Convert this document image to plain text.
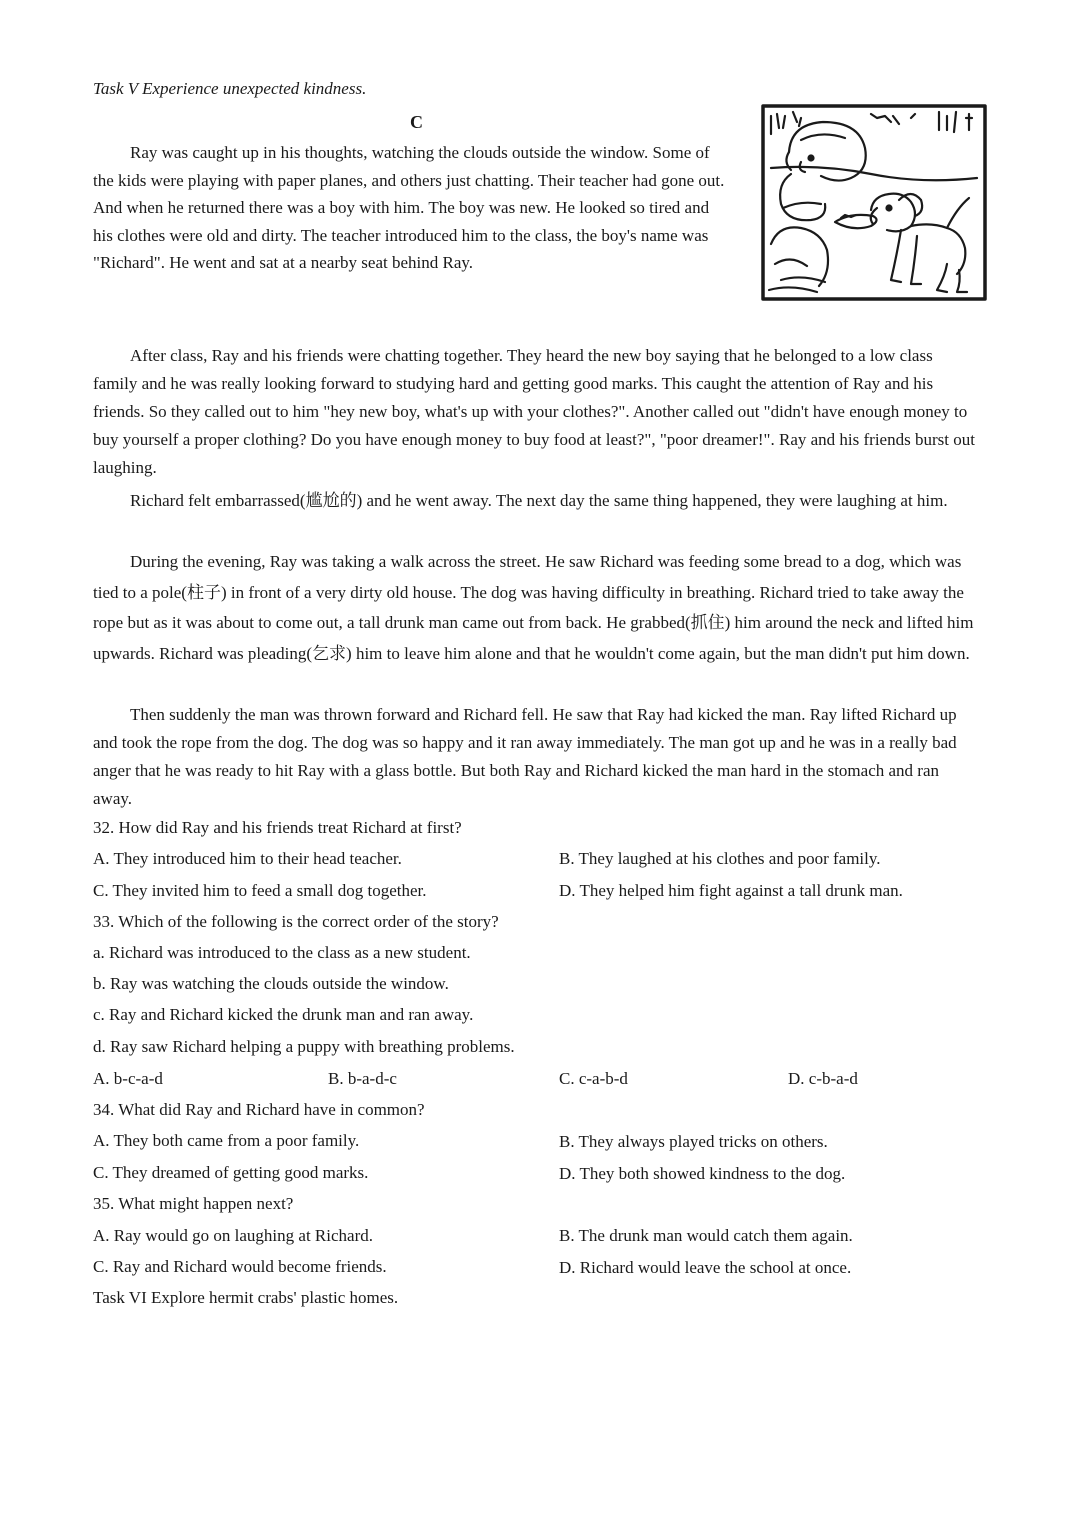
Task V Experience unexpected kindness.
C
Ray was caught up in his thoughts, watching the clouds outside the window. Some of the kids were playing with paper planes, and others just chatting. Their teacher had gone out. And when he returned there was a boy with him. The boy was new. He looked so tired and his clothes were old and dirty. The teacher introduced him to the class, the boy's name was "Richard". He went and sat at a nearby seat behind Ray.
After class, Ray and his friends were chatting together. They heard the new boy saying that he belonged to a low class family and he was really looking forward to studying hard and getting good marks. This caught the attention of Ray and his friends. So they called out to him "hey new boy, what's up with your clothes?". Another called out "didn't have enough money to buy yourself a proper clothing? Do you have enough money to buy food at least?", "poor dreamer!". Ray and his friends burst out laughing.
Richard felt embarrassed(尴尬的) and he went away. The next day the same thing happened, they were laughing at him.
During the evening, Ray was taking a walk across the street. He saw Richard was feeding some bread to a dog, which was tied to a pole(柱子) in front of a very dirty old house. The dog was having difficulty in breathing. Richard tried to take away the rope but as it was about to come out, a tall drunk man came out from back. He grabbed(抓住) him around the neck and lifted him upwards. Richard was pleading(乞求) him to leave him alone and that he wouldn't come again, but the man didn't put him down.
Then suddenly the man was thrown forward and Richard fell. He saw that Ray had kicked the man. Ray lifted Richard up and took the rope from the dog. The dog was so happy and it ran away immediately. The man got up and he was in a really bad anger that he was ready to hit Ray with a glass bottle. But both Ray and Richard kicked the man hard in the stomach and ran away.
32. How did Ray and his friends treat Richard at first?
A. They introduced him to their head teacher.	B. They laughed at his clothes and poor family.
C. They invited him to feed a small dog together.	D. They helped him fight against a tall drunk man.
33. Which of the following is the correct order of the story?
a. Richard was introduced to the class as a new student.
b. Ray was watching the clouds outside the window.
c. Ray and Richard kicked the drunk man and ran away.
d. Ray saw Richard helping a puppy with breathing problems.
A. b-c-a-d	B. b-a-d-c	C. c-a-b-d	D. c-b-a-d
34. What did Ray and Richard have in common?
A. They both came from a poor family.	B. They always played tricks on others.
C. They dreamed of getting good marks.	D. They both showed kindness to the dog.
35. What might happen next?
A. Ray would go on laughing at Richard.	B. The drunk man would catch them again.
C. Ray and Richard would become friends.	D. Richard would leave the school at once.
Task VI Explore hermit crabs' plastic homes.
